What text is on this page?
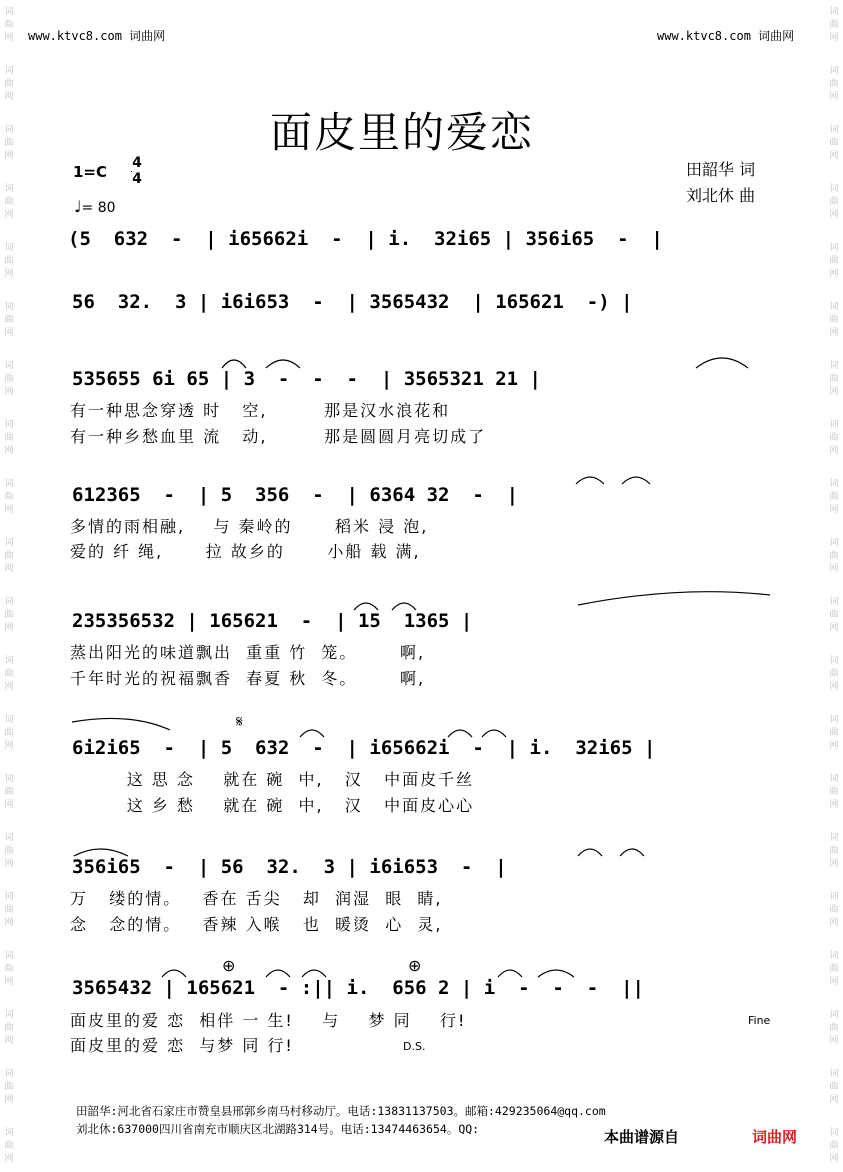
词
曲
网
词
曲
网
词
曲
网
词
曲
网
词
曲
网
词
曲
网
词
曲
网
词
曲
网
词
曲
网
词
曲
网
词
曲
网
词
曲
网
词
曲
网
词
曲
网
词
曲
网
词
曲
网
词
曲
网
词
曲
网
词
曲
网
词
曲
网
词
曲
网
词
曲
网
词
曲
网
词
曲
网
词
曲
网
词
曲
网
词
曲
网
词
曲
网
词
曲
网
词
曲
网
词
曲
网
词
曲
网
词
曲
网
词
曲
网
词
曲
网
词
曲
网
词
曲
网
词
曲
网
词
曲
网
词
曲
网
www.ktvc8.com 词曲网	www.ktvc8.com 词曲网
面皮里的爱恋
1=C 4
4
♩= 80
田韶华 词
刘北休 曲
(5  632  -  | i65662i  -  | i.  32i65 | 356i65  -  |
56  32.  3 | i6i653  -  | 3565432  | 165621  -) |
535655 6i 65 | 3  -  -  -  | 3565321 21 |
有一种思念穿透 时   空,        那是汉水浪花和
有一种乡愁血里 流   动,        那是圆圆月亮切成了
612365  -  | 5  356  -  | 6364 32  -  |
多情的雨相融,    与 秦岭的      稻米 浸 泡,
爱的 纤 绳,      拉 故乡的      小船 载 满,
235356532 | 165621  -  | 15  1365 |
蒸出阳光的味道飘出  重重 竹  笼。      啊,
千年时光的祝福飘香  春夏 秋  冬。      啊,
𝄋
6i2i65  -  | 5  632  -  | i65662i  -  | i.  32i65 |
这 思 念    就在 碗  中,   汉   中面皮千丝
这 乡 愁    就在 碗  中,   汉   中面皮心心
356i65  -  | 56  32.  3 | i6i653  -  |
万   缕的情。   香在 舌尖   却  润湿  眼  睛,
念   念的情。   香辣 入喉   也  暖烫  心  灵,
⊕	⊕
3565432 | 165621  - :|| i.  656 2 | i  -  -  -  ||
面皮里的爱 恋  相伴 一 生!    与    梦 同    行!
面皮里的爱 恋  与梦 同 行!
Fine
D.S.
田韶华:河北省石家庄市赞皇县邢郭乡南马村移动厅。电话:13831137503。邮箱:429235064@qq.com
刘北休:637000四川省南充市顺庆区北湖路314号。电话:13474463654。QQ:	本曲谱源自	词曲网
